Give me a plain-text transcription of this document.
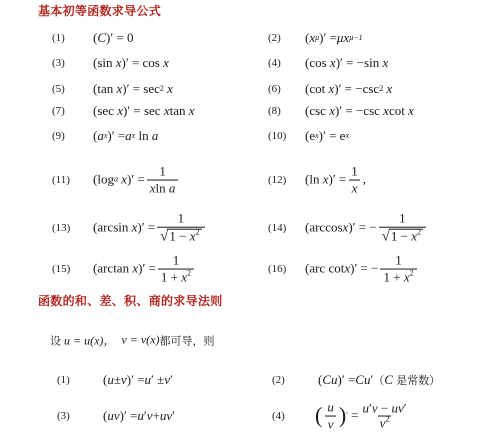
基本初等函数求导公式
(1) ( C )′ = 0	(2) ( x μ )′ = μx μ−1
(3) (sin x )′ = cos x	(4) (cos x )′ = −sin x
(5) (tan x )′ = sec 2 x	(6) (cot x )′ = −csc 2 x
(7) (sec x )′ = sec x tan x	(8) (csc x )′ = −csc x cot x
(9) ( a x )′ = a x ln a	(10) (e x )′ = e x
(11) (log a x )′ = $\frac{1}{\text{xln a}}$	(12) (ln x )′ = $\frac{1}{x}$ ,
(13) (arcsin x )′ = $\frac{1}{√ 1 - x^2}$	(14) (arccos x )′ = − $\frac{1}{√ 1 - x^2}$
(15) (arctan x )′ = $\frac{1}{1 + x^2}$	(16) (arc cot x )′ = − $\frac{1}{1 + x^2}$
函数的和、差、积、商的求导法则
设
u = u(x)，
v = v(x) 都可导，则
(1)	( u ± v )′ = u ′ ± v ′	(2)	( Cu )′ = Cu ′ （ C
是常数）
(3)	( uv )′ = u ′ v + uv ′	(4) ( $\frac{u}{v}$ ) ′ = $\frac{u'v - uv'}{v^2}$
